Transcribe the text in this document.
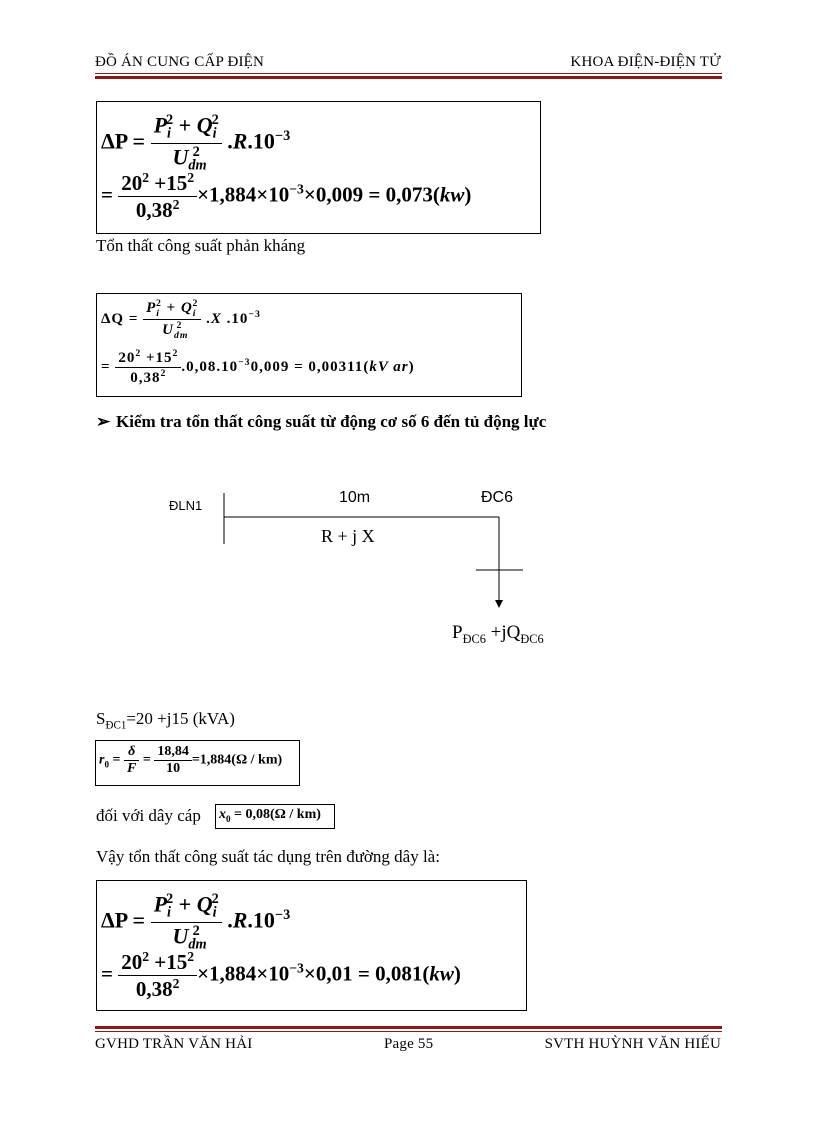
ĐỒ ÁN CUNG CẤP ĐIỆN	KHOA ĐIỆN-ĐIỆN TỬ
$\Delta P = \frac{P_i^2 + Q_i^2}{U_{dm}^2} .R.10^{-3}$
= $\frac{20^2 +15^2}{0,38^2} \times 1,884\times 10^{-3}\times 0,009 = 0,073(kw)$
Tổn thất công suất phản kháng
$\Delta Q = \frac{P_i^2 + Q_i^2}{U_{dm}^2} .X$ $.10^{-3}$
= $\frac{20^2 +15^2}{0,38^2} .0,08.10^{-3}0,009 = 0,00311(kV$ ar)
➢ Kiểm tra tổn thất công suất từ động cơ số 6 đến tủ động lực
ĐLN1	10m	ĐC6
R + j X
$P_{ĐC6} +jQ_{ĐC6}$
$S_{ĐC1}=20 +j15$ (kVA)
$r_0 = \frac{\delta}{F} = \frac{18,84}{10} =1,884(\Omega / km)$
đối với dây cáp $x_0 = 0,08(\Omega / km)$
Vậy tổn thất công suất tác dụng trên đường dây là:
$\Delta P = \frac{P_i^2 + Q_i^2}{U_{dm}^2} .R.10^{-3}$
= $\frac{20^2 +15^2}{0,38^2} \times 1,884\times 10^{-3}\times 0,01 = 0,081(kw)$
GVHD TRẦN VĂN HẢI	Page 55	SVTH HUỲNH VĂN HIẾU
